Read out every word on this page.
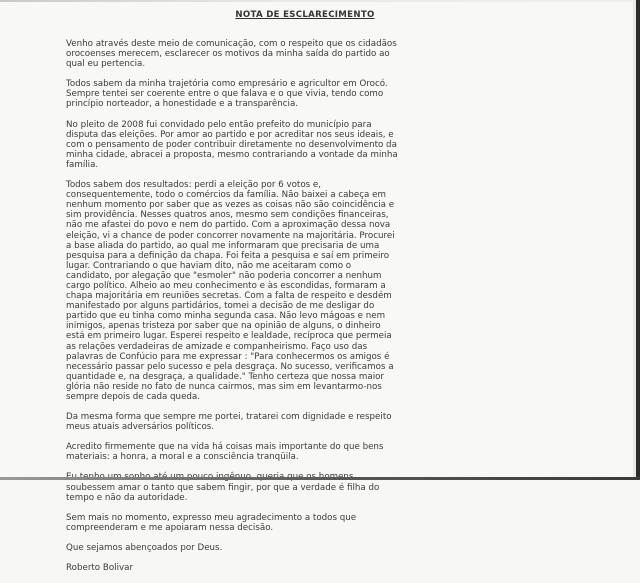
NOTA DE ESCLARECIMENTO

Venho através deste meio de comunicação, com o respeito que os cidadãos
orocoenses merecem, esclarecer os motivos da minha saída do partido ao
qual eu pertencia.

Todos sabem da minha trajetória como empresário e agricultor em Orocó.
Sempre tentei ser coerente entre o que falava e o que vivia, tendo como
princípio norteador, a honestidade e a transparência.

No pleito de 2008 fui convidado pelo então prefeito do município para
disputa das eleições. Por amor ao partido e por acreditar nos seus ideais, e
com o pensamento de poder contribuir diretamente no desenvolvimento da
minha cidade, abracei a proposta, mesmo contrariando a vontade da minha
família.

Todos sabem dos resultados: perdi a eleição por 6 votos e,
consequentemente, todo o comércios da família. Não baixei a cabeça em
nenhum momento por saber que as vezes as coisas não são coincidência e
sim providência. Nesses quatros anos, mesmo sem condições financeiras,
não me afastei do povo e nem do partido. Com a aproximação dessa nova
eleição, vi a chance de poder concorrer novamente na majoritária. Procurei
a base aliada do partido, ao qual me informaram que precisaria de uma
pesquisa para a definição da chapa. Foi feita a pesquisa e saí em primeiro
lugar. Contrariando o que haviam dito, não me aceitaram como o
candidato, por alegação que "esmoler" não poderia concorrer a nenhum
cargo político. Alheio ao meu conhecimento e às escondidas, formaram a
chapa majoritária em reuniões secretas. Com a falta de respeito e desdém
manifestado por alguns partidários, tomei a decisão de me desligar do
partido que eu tinha como minha segunda casa. Não levo mágoas e nem
inimigos, apenas tristeza por saber que na opinião de alguns, o dinheiro
está em primeiro lugar. Esperei respeito e lealdade, recíproca que permeia
as relações verdadeiras de amizade e companheirismo. Faço uso das
palavras de Confúcio para me expressar : "Para conhecermos os amigos é
necessário passar pelo sucesso e pela desgraça. No sucesso, verificamos a
quantidade e, na desgraça, a qualidade." Tenho certeza que nossa maior
glória não reside no fato de nunca cairmos, mas sim em levantarmo-nos
sempre depois de cada queda.

Da mesma forma que sempre me portei, tratarei com dignidade e respeito
meus atuais adversários políticos.

Acredito firmemente que na vida há coisas mais importante do que bens
materiais: a honra, a moral e a consciência tranqüila.

soubessem amar o tanto que sabem fingir, por que a verdade é filha do
tempo e não da autoridade.

Sem mais no momento, expresso meu agradecimento a todos que
compreenderam e me apoiaram nessa decisão.

Que sejamos abençoados por Deus.

Roberto Bolivar
